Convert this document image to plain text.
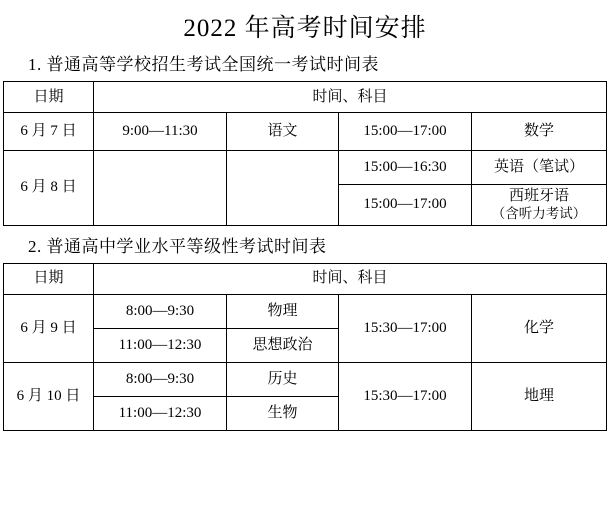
2022 年高考时间安排
1. 普通高等学校招生考试全国统一考试时间表
日期	时间、科目			
6 月 7 日	9:00—11:30	语文	15:00—17:00	数学
6 月 8 日			15:00—16:30	英语（笔试）
			15:00—17:00	西班牙语
（含听力考试）
2. 普通高中学业水平等级性考试时间表
日期	时间、科目			
6 月 9 日	8:00—9:30	物理	15:30—17:00	化学
	11:00—12:30	思想政治		
6 月 10 日	8:00—9:30	历史	15:30—17:00	地理
	11:00—12:30	生物		
